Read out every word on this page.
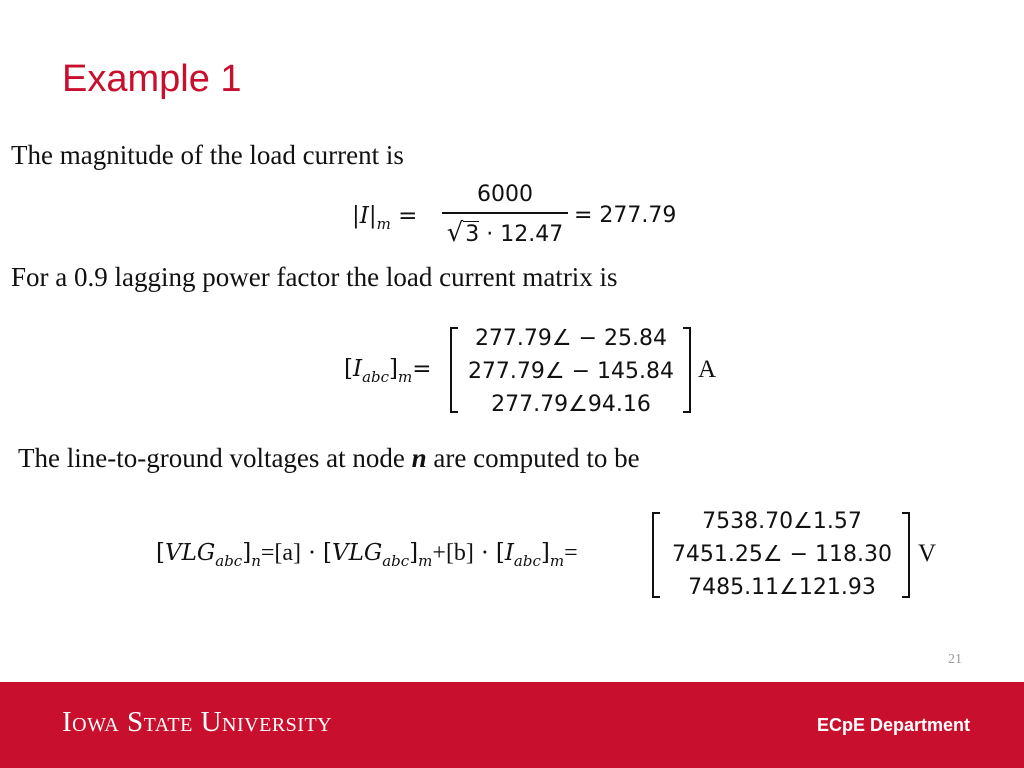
Example 1
The magnitude of the load current is
$|I|_m$ =
6000
√3 · 12.47
= 277.79
For a 0.9 lagging power factor the load current matrix is
$[I_{abc}]_m=$
277.79∠ − 25.84
277.79∠ − 145.84
277.79∠94.16
A
The line-to-ground voltages at node n are computed to be
$[VLG_{abc}]_n=[a] \cdot [VLG_{abc}]_m+[b] \cdot [I_{abc}]_m=$
7538.70∠1.57
7451.25∠ − 118.30
7485.11∠121.93
V
21
Iowa State University	ECpE Department
